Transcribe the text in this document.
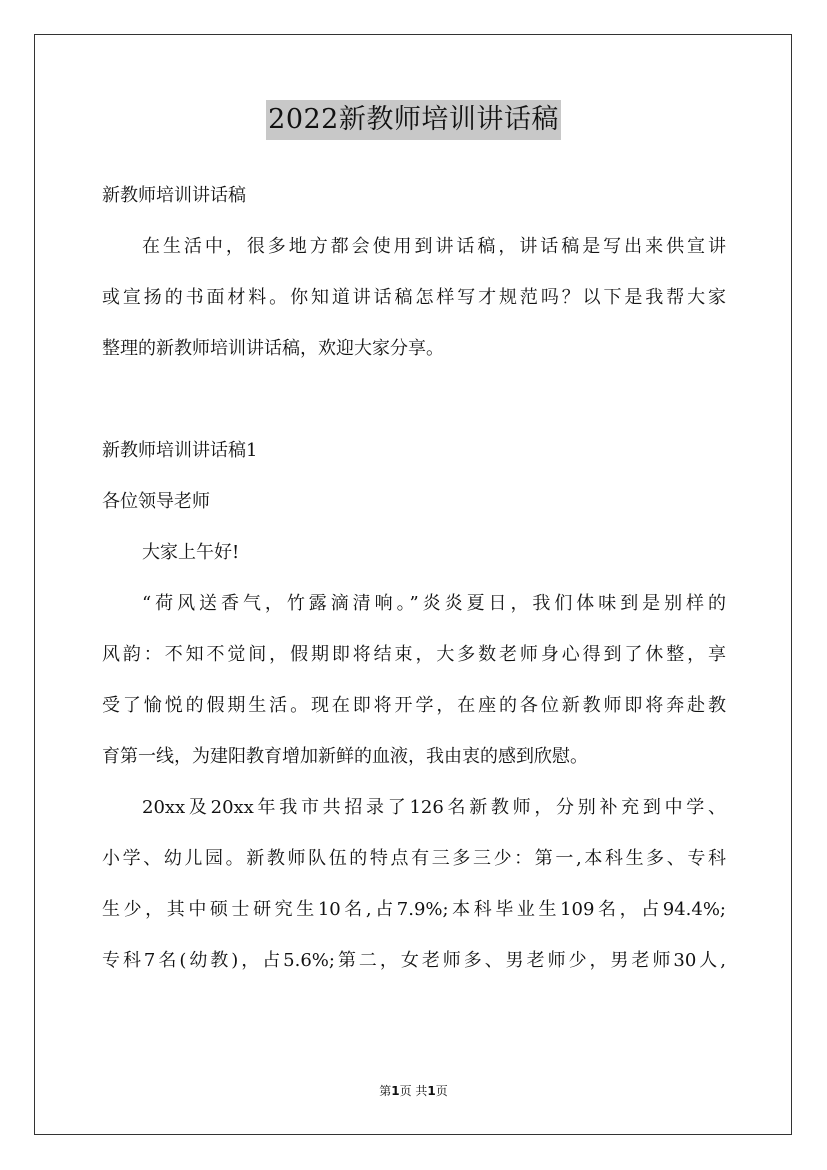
2022新教师培训讲话稿
新教师培训讲话稿
在生活中，很多地方都会使用到讲话稿，讲话稿是写出来供宣讲
或宣扬的书面材料。你知道讲话稿怎样写才规范吗？以下是我帮大家
整理的新教师培训讲话稿，欢迎大家分享。
新教师培训讲话稿1
各位领导老师
大家上午好!
“荷风送香气，竹露滴清响。”炎炎夏日，我们体味到是别样的
风韵：不知不觉间，假期即将结束，大多数老师身心得到了休整，享
受了愉悦的假期生活。现在即将开学，在座的各位新教师即将奔赴教
育第一线，为建阳教育增加新鲜的血液，我由衷的感到欣慰。
20xx及20xx年我市共招录了126名新教师，分别补充到中学、
小学、幼儿园。新教师队伍的特点有三多三少：第一,本科生多、专科
生少，其中硕士研究生10名,占7.9%;本科毕业生109名，占94.4%;
专科7名(幼教)，占5.6%;第二，女老师多、男老师少，男老师30人,
第1页 共1页
